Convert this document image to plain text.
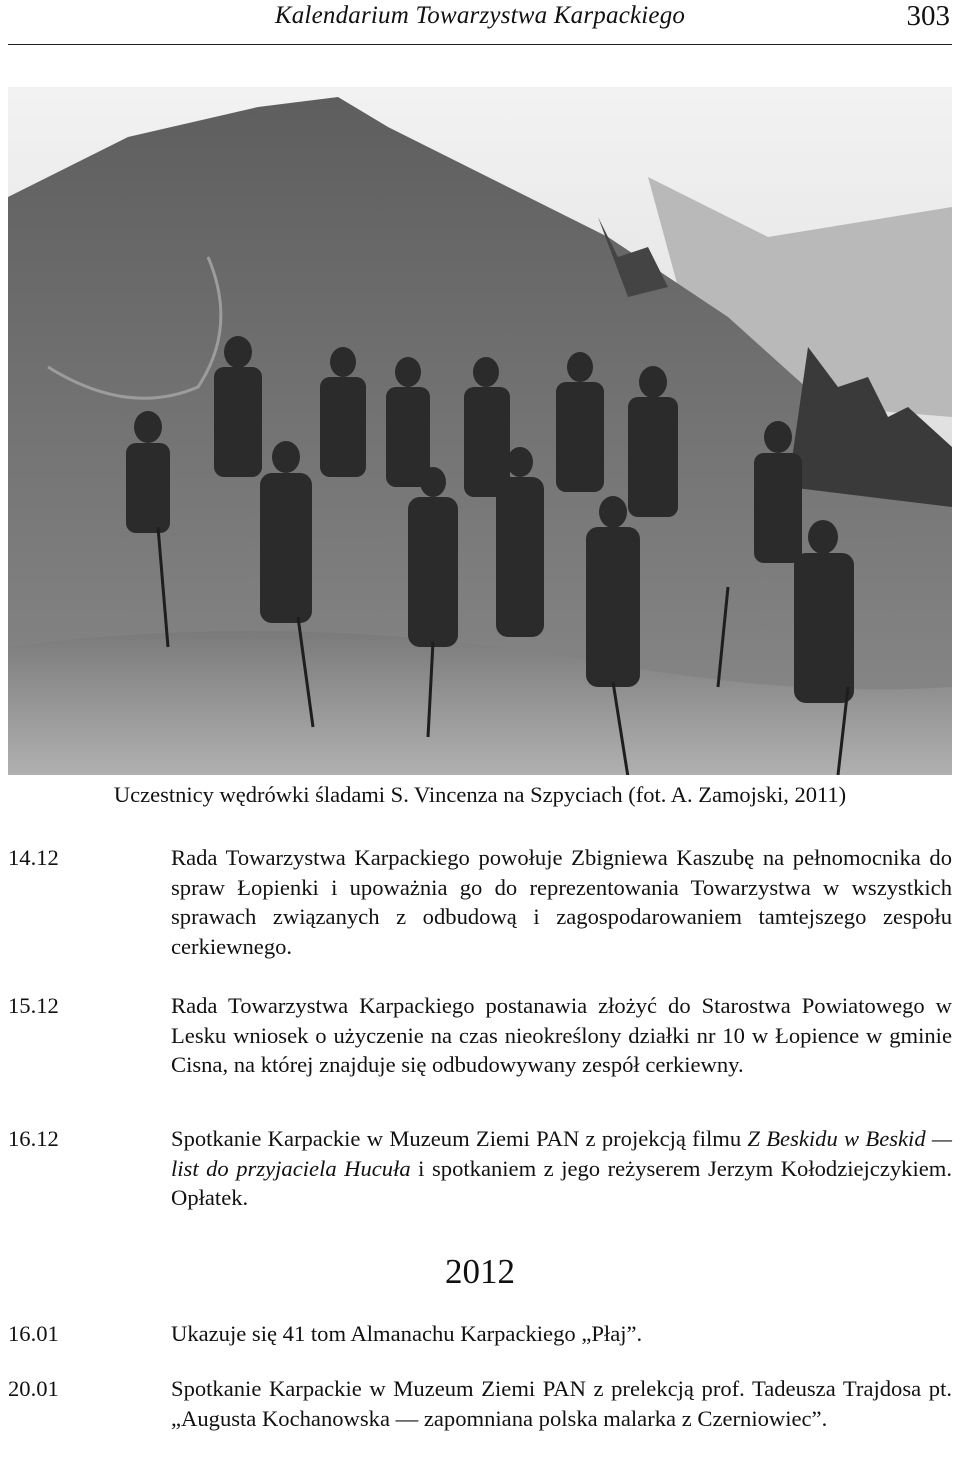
Kalendarium Towarzystwa Karpackiego	303
Uczestnicy wędrówki śladami S. Vincenza na Szpyciach (fot. A. Zamojski, 2011)
14.12	Rada Towarzystwa Karpackiego powołuje Zbigniewa Kaszubę na pełnomocnika do spraw Łopienki i upoważnia go do reprezentowania Towarzystwa w wszystkich sprawach związanych z odbudową i zagospodarowaniem tamtejszego zespołu cerkiewnego.
15.12	Rada Towarzystwa Karpackiego postanawia złożyć do Starostwa Powiatowego w Lesku wniosek o użyczenie na czas nieokreślony działki nr 10 w Łopience w gminie Cisna, na której znajduje się odbudowywany zespół cerkiewny.
16.12	Spotkanie Karpackie w Muzeum Ziemi PAN z projekcją filmu Z Beskidu w Beskid — list do przyjaciela Hucuła i spotkaniem z jego reżyserem Jerzym Kołodziejczykiem. Opłatek.
2012
16.01	Ukazuje się 41 tom Almanachu Karpackiego „Płaj”.
20.01	Spotkanie Karpackie w Muzeum Ziemi PAN z prelekcją prof. Tadeusza Trajdosa pt. „Augusta Kochanowska — zapomniana polska malarka z Czerniowiec”.
